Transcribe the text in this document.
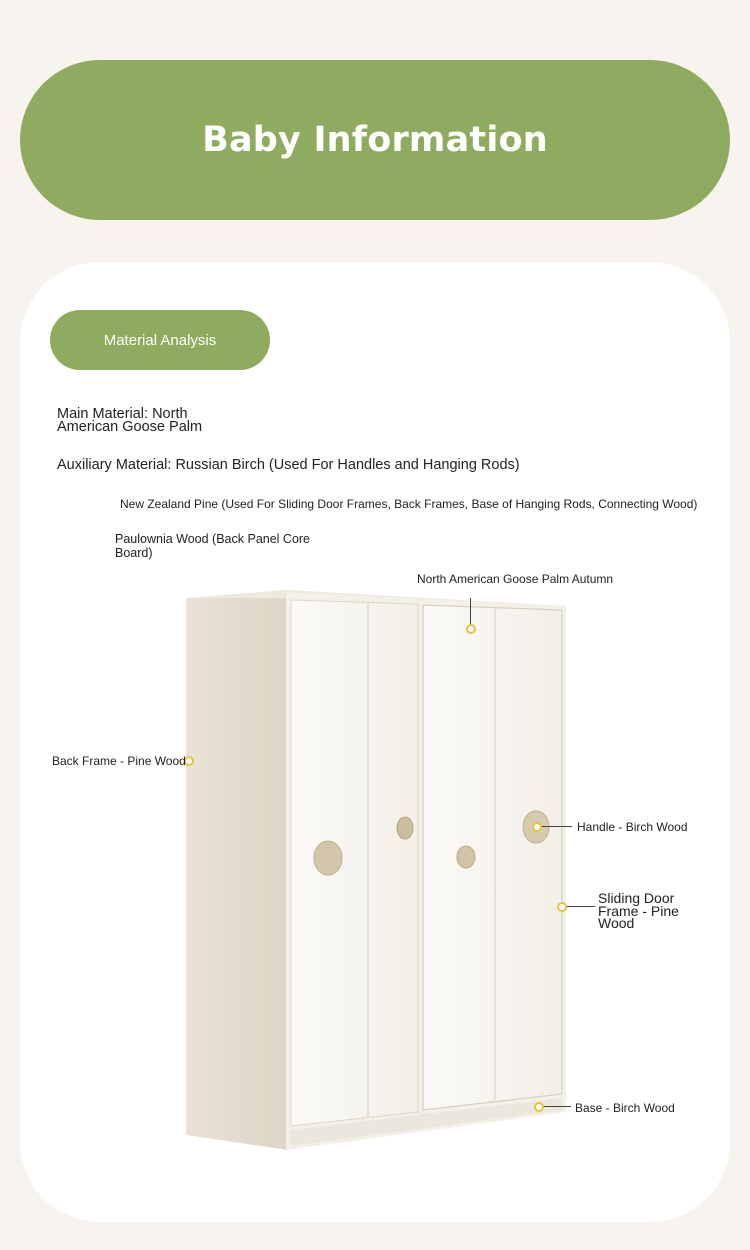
Baby Information
Material Analysis
Main Material: North American Goose Palm
Auxiliary Material: Russian Birch (Used For Handles and Hanging Rods)
New Zealand Pine (Used For Sliding Door Frames, Back Frames, Base of Hanging Rods, Connecting Wood)
Paulownia Wood (Back Panel Core Board)
North American Goose Palm Autumn
Back Frame - Pine Wood
Handle - Birch Wood
Sliding Door Frame - Pine Wood
Base - Birch Wood
